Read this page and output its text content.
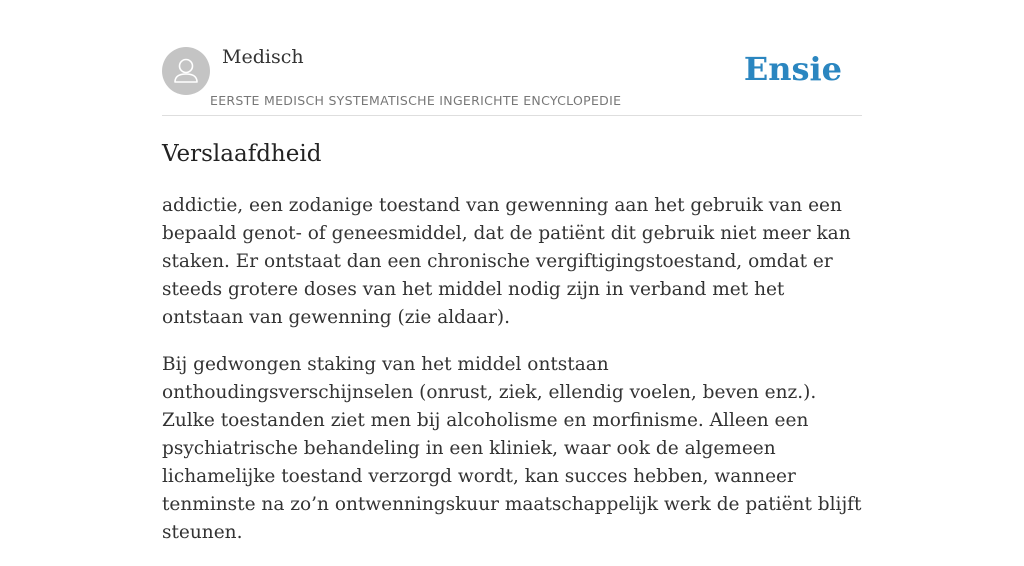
Medisch
EERSTE MEDISCH SYSTEMATISCHE INGERICHTE ENCYCLOPEDIE
Ensie
Verslaafdheid

addictie, een zodanige toestand van gewenning aan het gebruik van een bepaald genot- of geneesmiddel, dat de patiënt dit gebruik niet meer kan staken. Er ontstaat dan een chronische vergiftigingstoestand, omdat er steeds grotere doses van het middel nodig zijn in verband met het ontstaan van gewenning (zie aldaar).

Bij gedwongen staking van het middel ontstaan onthoudingsverschijnselen (onrust, ziek, ellendig voelen, beven enz.). Zulke toestanden ziet men bij alcoholisme en morfinisme. Alleen een psychiatrische behandeling in een kliniek, waar ook de algemeen lichamelijke toestand verzorgd wordt, kan succes hebben, wanneer tenminste na zo’n ontwenningskuur maatschappelijk werk de patiënt blijft steunen.
